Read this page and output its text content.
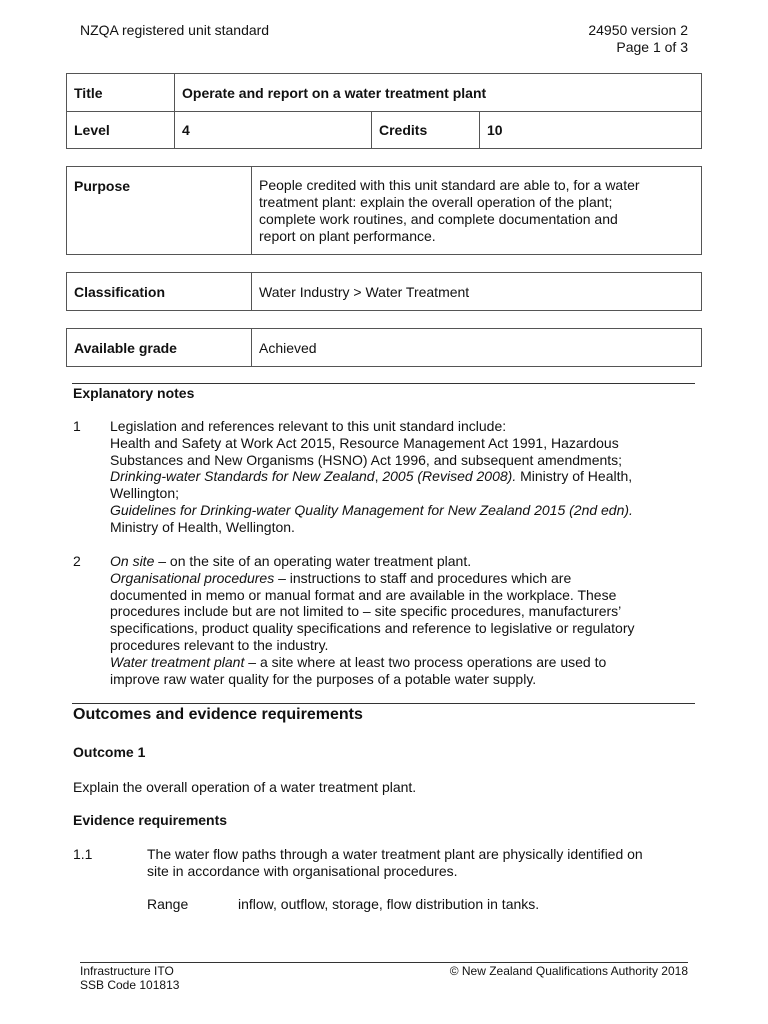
NZQA registered unit standard	24950 version 2
Page 1 of 3
Title	Operate and report on a water treatment plant		
Level	4	Credits	10
Purpose	People credited with this unit standard are able to, for a water
treatment plant: explain the overall operation of the plant;
complete work routines, and complete documentation and
report on plant performance.
Classification	Water Industry > Water Treatment
Available grade	Achieved
Explanatory notes
1 Legislation and references relevant to this unit standard include:
Health and Safety at Work Act 2015, Resource Management Act 1991, Hazardous
Substances and New Organisms (HSNO) Act 1996, and subsequent amendments;
Drinking-water Standards for New Zealand, 2005 (Revised 2008). Ministry of Health,
Wellington;
Guidelines for Drinking-water Quality Management for New Zealand 2015 (2nd edn).
Ministry of Health, Wellington.
2 On site – on the site of an operating water treatment plant.
Organisational procedures – instructions to staff and procedures which are
documented in memo or manual format and are available in the workplace. These
procedures include but are not limited to – site specific procedures, manufacturers’
specifications, product quality specifications and reference to legislative or regulatory
procedures relevant to the industry.
Water treatment plant – a site where at least two process operations are used to
improve raw water quality for the purposes of a potable water supply.
Outcomes and evidence requirements
Outcome 1
Explain the overall operation of a water treatment plant.
Evidence requirements
1.1	The water flow paths through a water treatment plant are physically identified on
site in accordance with organisational procedures.
Range	inflow, outflow, storage, flow distribution in tanks.
Infrastructure ITO
SSB Code 101813
© New Zealand Qualifications Authority 2018
